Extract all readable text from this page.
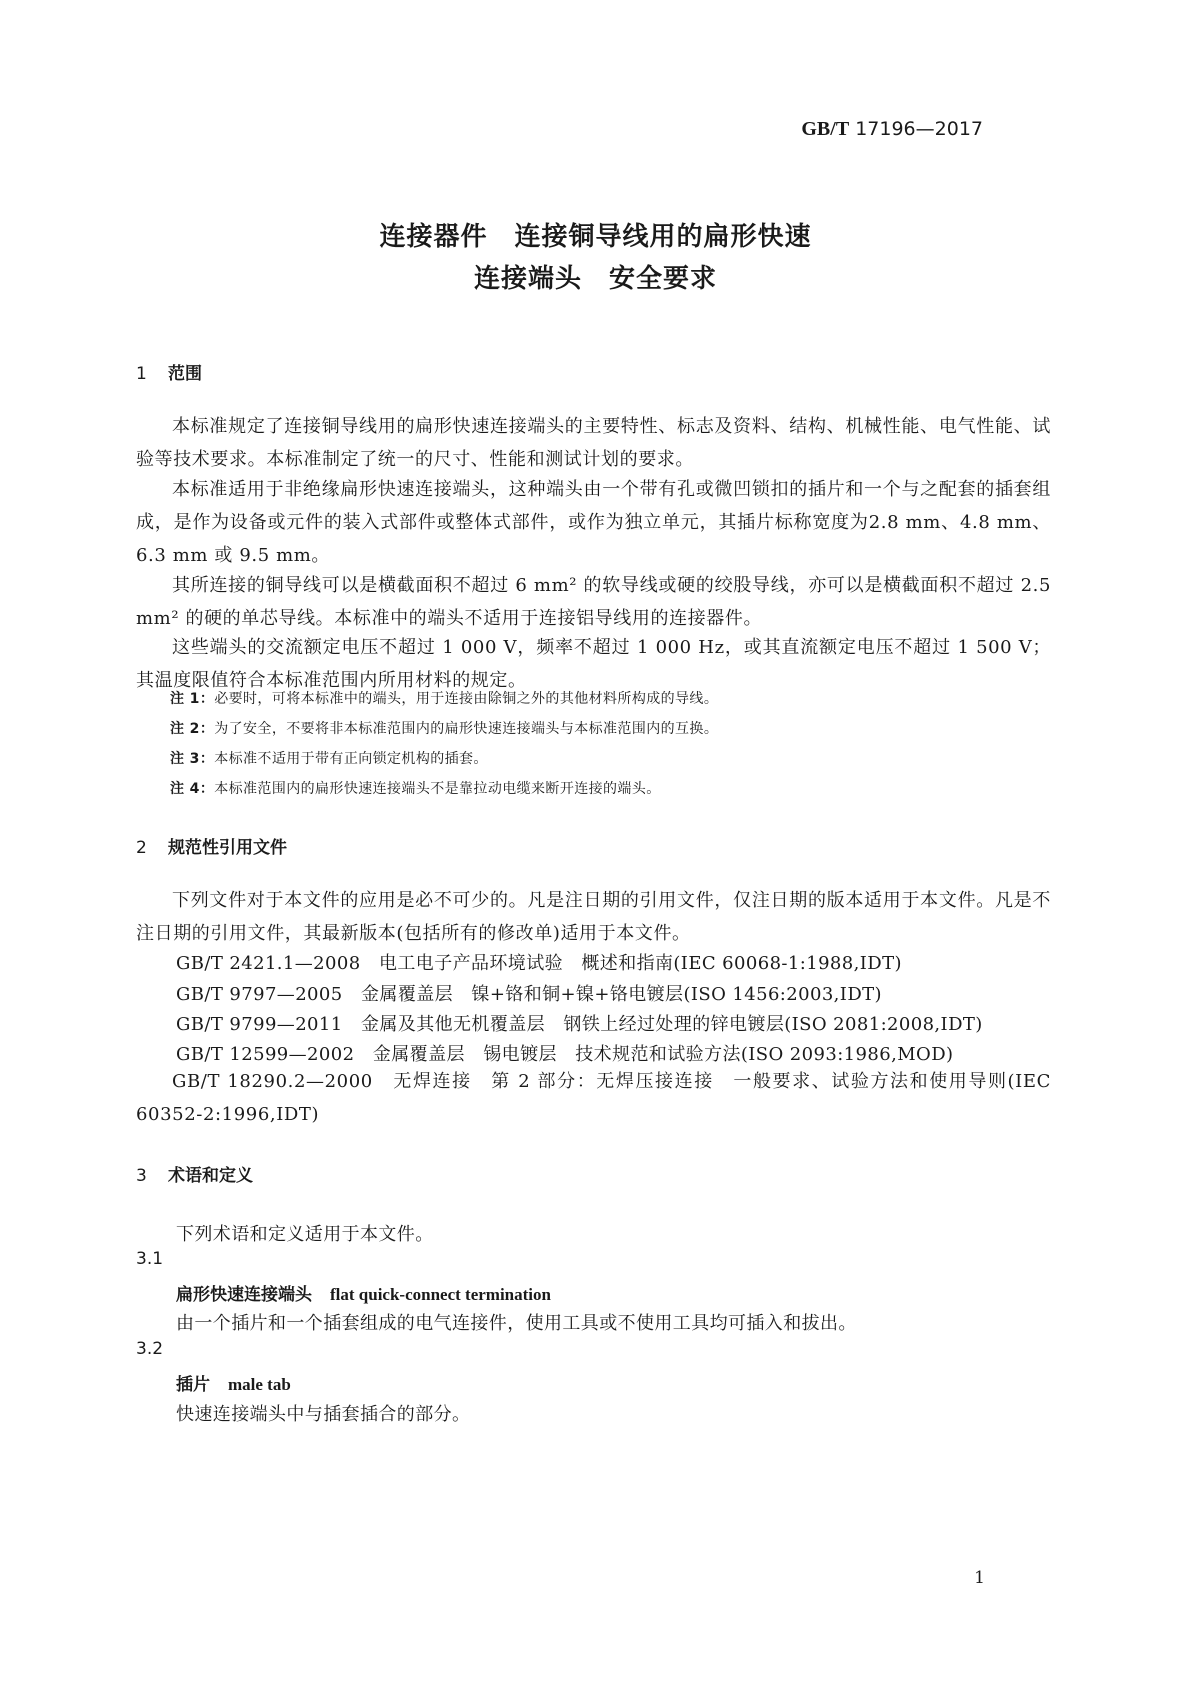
GB/T 17196—2017
连接器件　连接铜导线用的扁形快速
连接端头　安全要求
1 范围
本标准规定了连接铜导线用的扁形快速连接端头的主要特性、标志及资料、结构、机械性能、电气性能、试验等技术要求。本标准制定了统一的尺寸、性能和测试计划的要求。
本标准适用于非绝缘扁形快速连接端头，这种端头由一个带有孔或微凹锁扣的插片和一个与之配套的插套组成，是作为设备或元件的装入式部件或整体式部件，或作为独立单元，其插片标称宽度为2.8 mm、4.8 mm、6.3 mm 或 9.5 mm。
其所连接的铜导线可以是横截面积不超过 6 mm² 的软导线或硬的绞股导线，亦可以是横截面积不超过 2.5 mm² 的硬的单芯导线。本标准中的端头不适用于连接铝导线用的连接器件。
这些端头的交流额定电压不超过 1 000 V，频率不超过 1 000 Hz，或其直流额定电压不超过 1 500 V；其温度限值符合本标准范围内所用材料的规定。
注 1：必要时，可将本标准中的端头，用于连接由除铜之外的其他材料所构成的导线。
注 2：为了安全，不要将非本标准范围内的扁形快速连接端头与本标准范围内的互换。
注 3：本标准不适用于带有正向锁定机构的插套。
注 4：本标准范围内的扁形快速连接端头不是靠拉动电缆来断开连接的端头。
2 规范性引用文件
下列文件对于本文件的应用是必不可少的。凡是注日期的引用文件，仅注日期的版本适用于本文件。凡是不注日期的引用文件，其最新版本(包括所有的修改单)适用于本文件。
GB/T 2421.1—2008　电工电子产品环境试验　概述和指南(IEC 60068-1:1988,IDT)
GB/T 9797—2005　金属覆盖层　镍+铬和铜+镍+铬电镀层(ISO 1456:2003,IDT)
GB/T 9799—2011　金属及其他无机覆盖层　钢铁上经过处理的锌电镀层(ISO 2081:2008,IDT)
GB/T 12599—2002　金属覆盖层　锡电镀层　技术规范和试验方法(ISO 2093:1986,MOD)
GB/T 18290.2—2000　无焊连接　第 2 部分：无焊压接连接　一般要求、试验方法和使用导则(IEC 60352-2:1996,IDT)
3 术语和定义
下列术语和定义适用于本文件。
3.1
扁形快速连接端头 flat quick-connect termination
由一个插片和一个插套组成的电气连接件，使用工具或不使用工具均可插入和拔出。
3.2
插片 male tab
快速连接端头中与插套插合的部分。
1
